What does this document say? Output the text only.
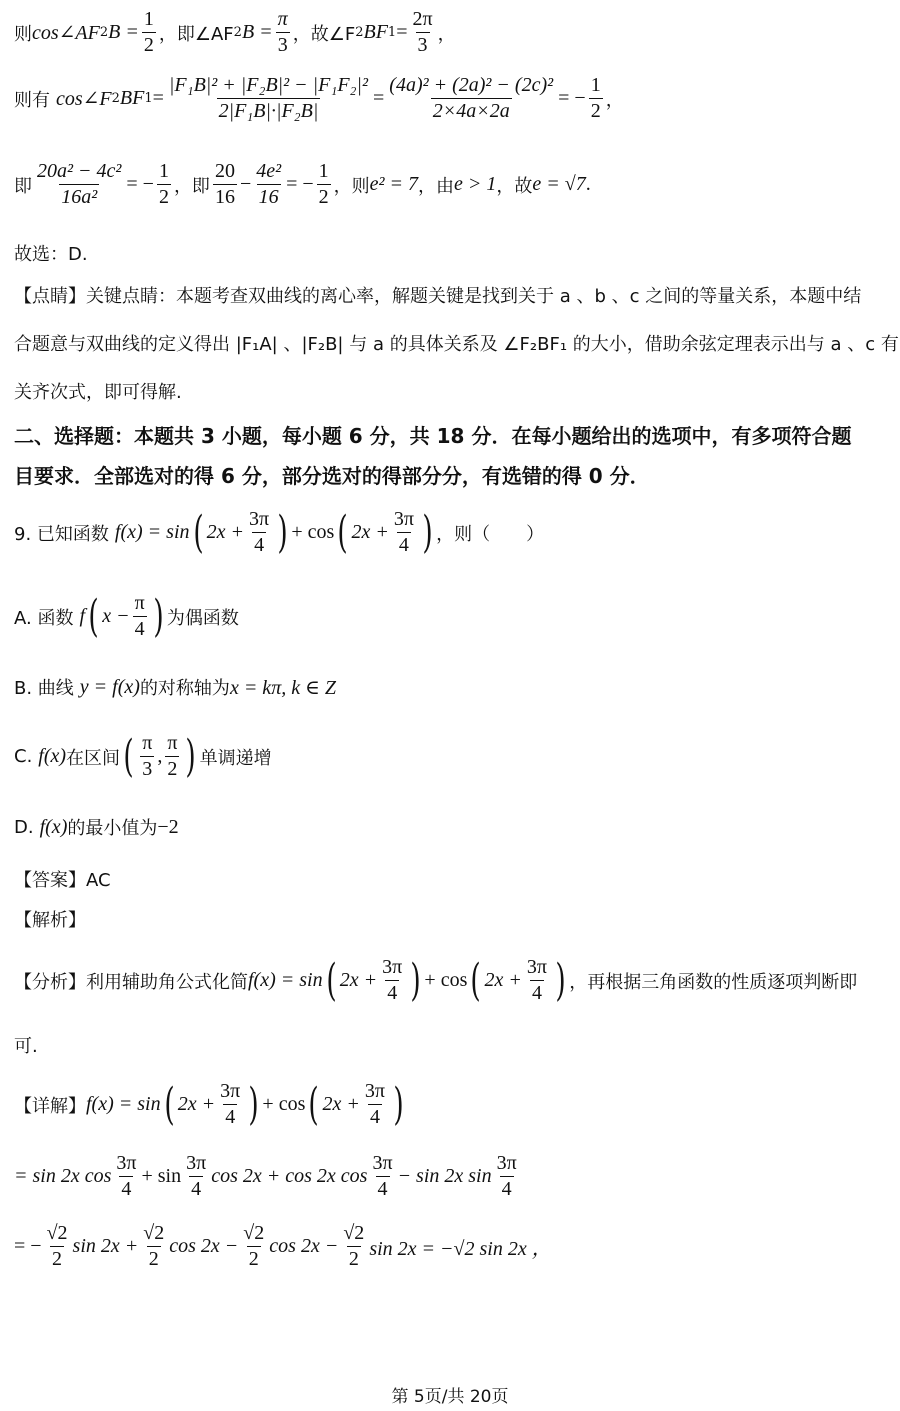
则 cos∠AF 2 $B = \frac{1}{2}$ ，即∠AF 2 $B = \frac{\pi}{3}$ ，故∠F 2 BF $1 = \frac{2\pi}{3}$ ，
则有 cos∠F 2 BF $1 = \frac{\text{|F₁B|² + |F₂B|² − |F₁F₂|²}}{\text{2|F₁B|·|F₂B|}} = \frac{\text{(4a)² + (2a)² − (2c)²}}{2\times 4a\times 2a}$ = − $\frac{1}{2}$ ，
即 $\frac{\text{20a² − 4c²}}{\text{16a²}}$ = − $\frac{1}{2}$ ，即 $\frac{20}{16} - \frac{\text{4e²}}{16}$ = − $\frac{1}{2}$ ，则 e² = 7 ，由 e > 1 ，故 e = √7 .
故选：D.
【点睛】关键点睛：本题考查双曲线的离心率，解题关键是找到关于 a 、b 、c 之间的等量关系，本题中结
合题意与双曲线的定义得出 |F₁A| 、|F₂B| 与 a 的具体关系及 ∠F₂BF₁ 的大小，借助余弦定理表示出与 a 、c 有
关齐次式，即可得解.
二、选择题：本题共 3 小题，每小题 6 分，共 18 分．在每小题给出的选项中，有多项符合题
目要求．全部选对的得 6 分，部分选对的得部分分，有选错的得 0 分．
9. 已知函数 f(x) = sin ( $2x + \frac{3\pi}{4}$ ) + cos ( $2x + \frac{3\pi}{4}$ ) ，则（　　）
A. 函数 f ( $x - \frac{\pi}{4}$ ) 为偶函数
B. 曲线 y = f(x) 的对称轴为 x = kπ, k ∈ Z
C. f(x) 在区间 ( $\frac{\pi}{3}$ , $\frac{\pi}{2}$ ) 单调递增
D. f(x) 的最小值为 −2
【答案】AC
【解析】
【分析】利用辅助角公式化简 f(x) = sin ( $2x + \frac{3\pi}{4}$ ) + cos ( $2x + \frac{3\pi}{4}$ ) ，再根据三角函数的性质逐项判断即
可.
【详解】 f(x) = sin ( $2x + \frac{3\pi}{4}$ ) + cos ( $2x + \frac{3\pi}{4}$ )
= sin 2x $\cos \frac{3\pi}{4} + \sin \frac{3\pi}{4}$ cos 2x + cos 2x $\cos \frac{3\pi}{4} - \sin 2x$ $\sin \frac{3\pi}{4}$
= − $\frac{√2}{2}$ $\sin 2x + \frac{√2}{2}$ $\cos 2x - \frac{√2}{2}$ $\cos 2x - \frac{√2}{2}$ sin 2x = −√2 sin 2x ，
第 5页/共 20页
